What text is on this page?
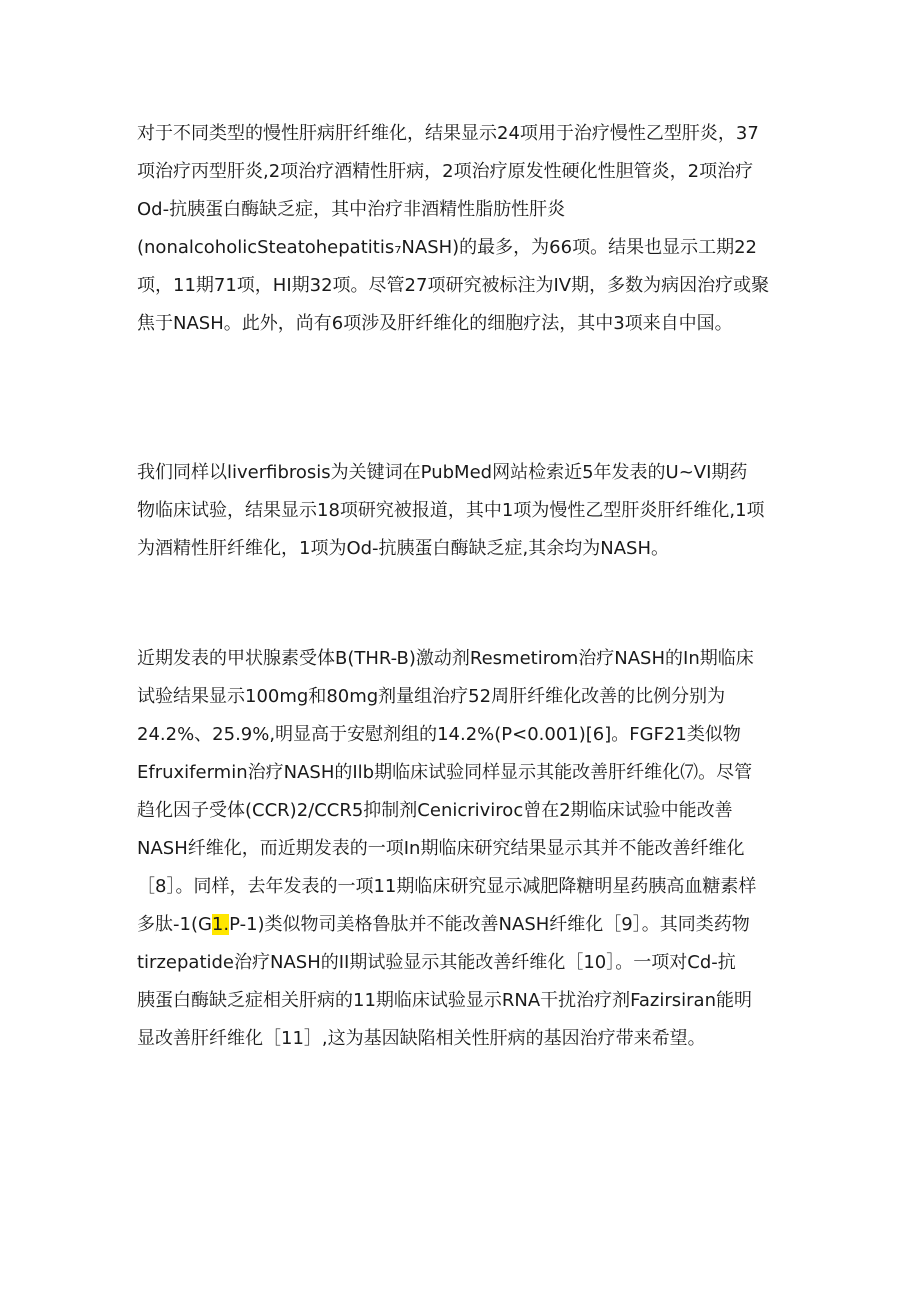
对于不同类型的慢性肝病肝纤维化，结果显示24项用于治疗慢性乙型肝炎，37
项治疗丙型肝炎,2项治疗酒精性肝病，2项治疗原发性硬化性胆管炎，2项治疗
Od-抗胰蛋白酶缺乏症，其中治疗非酒精性脂肪性肝炎
(nonalcoholicSteatohepatitis₇NASH)的最多，为66项。结果也显示工期22
项，11期71项，HI期32项。尽管27项研究被标注为IV期，多数为病因治疗或聚
焦于NASH。此外，尚有6项涉及肝纤维化的细胞疗法，其中3项来自中国。
我们同样以liverfibrosis为关键词在PubMed网站检索近5年发表的U~VI期药
物临床试验，结果显示18项研究被报道，其中1项为慢性乙型肝炎肝纤维化,1项
为酒精性肝纤维化，1项为Od-抗胰蛋白酶缺乏症,其余均为NASH。
近期发表的甲状腺素受体B(THR-B)激动剂Resmetirom治疗NASH的In期临床
试验结果显示100mg和80mg剂量组治疗52周肝纤维化改善的比例分别为
24.2%、25.9%,明显高于安慰剂组的14.2%(P<0.001)[6]。FGF21类似物
Efruxifermin治疗NASH的Ilb期临床试验同样显示其能改善肝纤维化⑺。尽管
趋化因子受体(CCR)2/CCR5抑制剂Cenicriviroc曾在2期临床试验中能改善
NASH纤维化，而近期发表的一项In期临床研究结果显示其并不能改善纤维化
［8］。同样，去年发表的一项11期临床研究显示减肥降糖明星药胰高血糖素样
多肽-1(G1.P-1)类似物司美格鲁肽并不能改善NASH纤维化［9］。其同类药物
tirzepatide治疗NASH的II期试验显示其能改善纤维化［10］。一项对Cd-抗
胰蛋白酶缺乏症相关肝病的11期临床试验显示RNA干扰治疗剂Fazirsiran能明
显改善肝纤维化［11］,这为基因缺陷相关性肝病的基因治疗带来希望。
